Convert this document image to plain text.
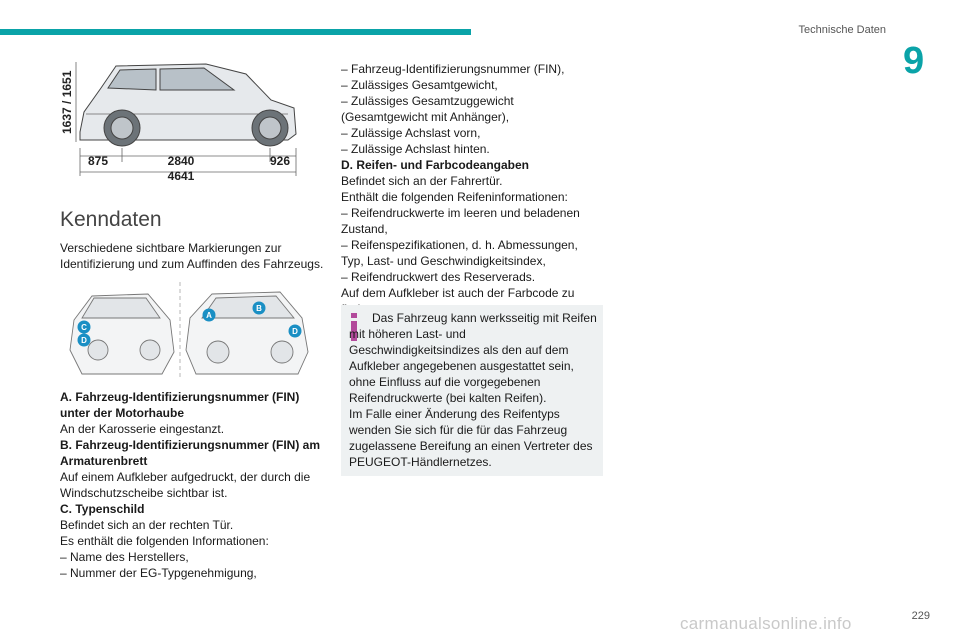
Technische Daten
9
1637 / 1651
875	2840	926
4641
Kenndaten

Verschiedene sichtbare Markierungen zur Identifizierung und zum Auffinden des Fahrzeugs.

C
D
A
B
D

A. Fahrzeug-Identifizierungsnummer (FIN) unter der Motorhaube

An der Karosserie eingestanzt.

B. Fahrzeug-Identifizierungsnummer (FIN) am Armaturenbrett

Auf einem Aufkleber aufgedruckt, der durch die Windschutzscheibe sichtbar ist.

C. Typenschild

Befindet sich an der rechten Tür.

Es enthält die folgenden Informationen:

– Name des Herstellers,

– Nummer der EG-Typgenehmigung,

– Fahrzeug-Identifizierungsnummer (FIN),

– Zulässiges Gesamtgewicht,

– Zulässiges Gesamtzuggewicht (Gesamtgewicht mit Anhänger),

– Zulässige Achslast vorn,

– Zulässige Achslast hinten.

D. Reifen- und Farbcodeangaben

Befindet sich an der Fahrertür.

Enthält die folgenden Reifeninformationen:

– Reifendruckwerte im leeren und beladenen Zustand,

– Reifenspezifikationen, d. h. Abmessungen, Typ, Last- und Geschwindigkeitsindex,

– Reifendruckwert des Reserverads.

Auf dem Aufkleber ist auch der Farbcode zu

Das Fahrzeug kann werksseitig mit Reifen mit höheren Last- und Geschwindigkeitsindizes als den auf dem Aufkleber angegebenen ausgestattet sein, ohne Einfluss auf die vorgegebenen Reifendruckwerte (bei kalten Reifen).

Im Falle einer Änderung des Reifentyps wenden Sie sich für die für das Fahrzeug zugelassene Bereifung an einen Vertreter des PEUGEOT-Händlernetzes.

229
carmanualsonline.info
